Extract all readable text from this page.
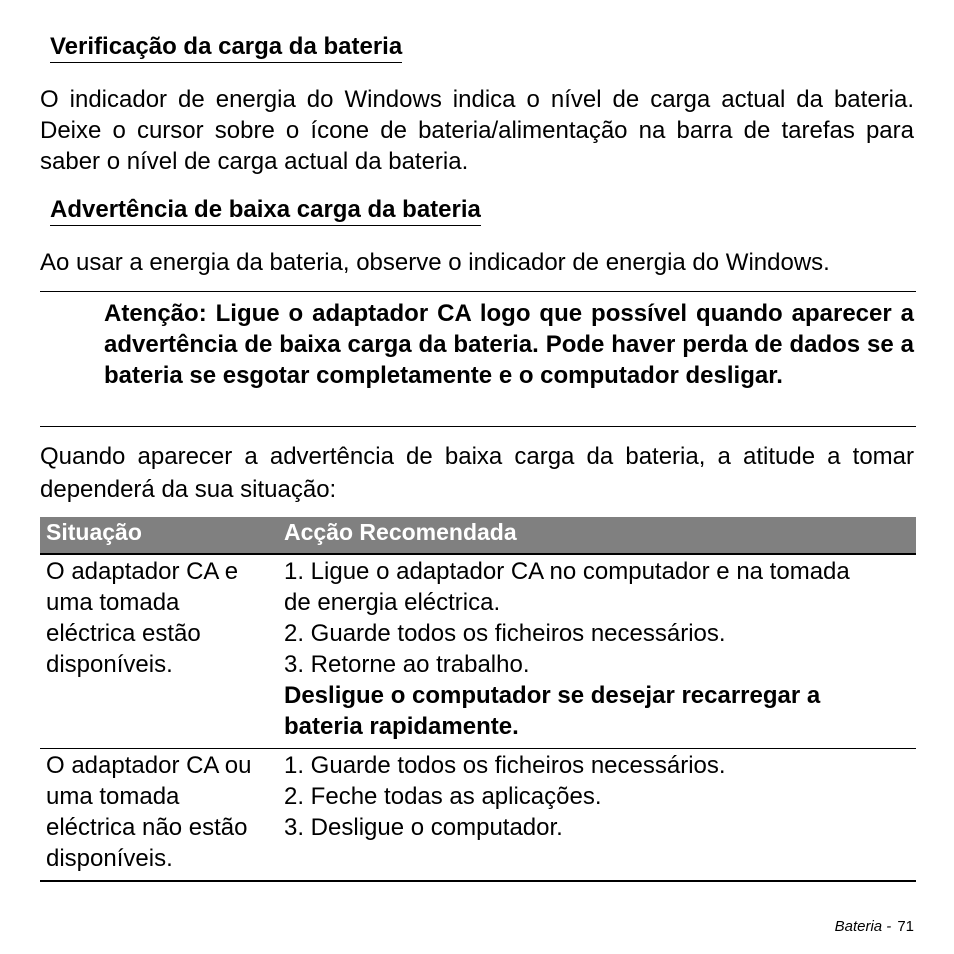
Verificação da carga da bateria

O indicador de energia do Windows indica o nível de carga actual da bateria. Deixe o cursor sobre o ícone de bateria/alimentação na barra de tarefas para saber o nível de carga actual da bateria.

Advertência de baixa carga da bateria

Ao usar a energia da bateria, observe o indicador de energia do Windows.

Atenção: Ligue o adaptador CA logo que possível quando aparecer a advertência de baixa carga da bateria. Pode haver perda de dados se a bateria se esgotar completamente e o computador desligar.

Quando aparecer a advertência de baixa carga da bateria, a atitude a tomar dependerá da sua situação:

Situação	Acção Recomendada
O adaptador CA e
uma tomada
eléctrica estão
disponíveis.
1. Ligue o adaptador CA no computador e na tomada
de energia eléctrica.
2. Guarde todos os ficheiros necessários.
3. Retorne ao trabalho.
Desligue o computador se desejar recarregar a
bateria rapidamente.
O adaptador CA ou
uma tomada
eléctrica não estão
disponíveis.
1. Guarde todos os ficheiros necessários.
2. Feche todas as aplicações.
3. Desligue o computador.
Bateria - 71
